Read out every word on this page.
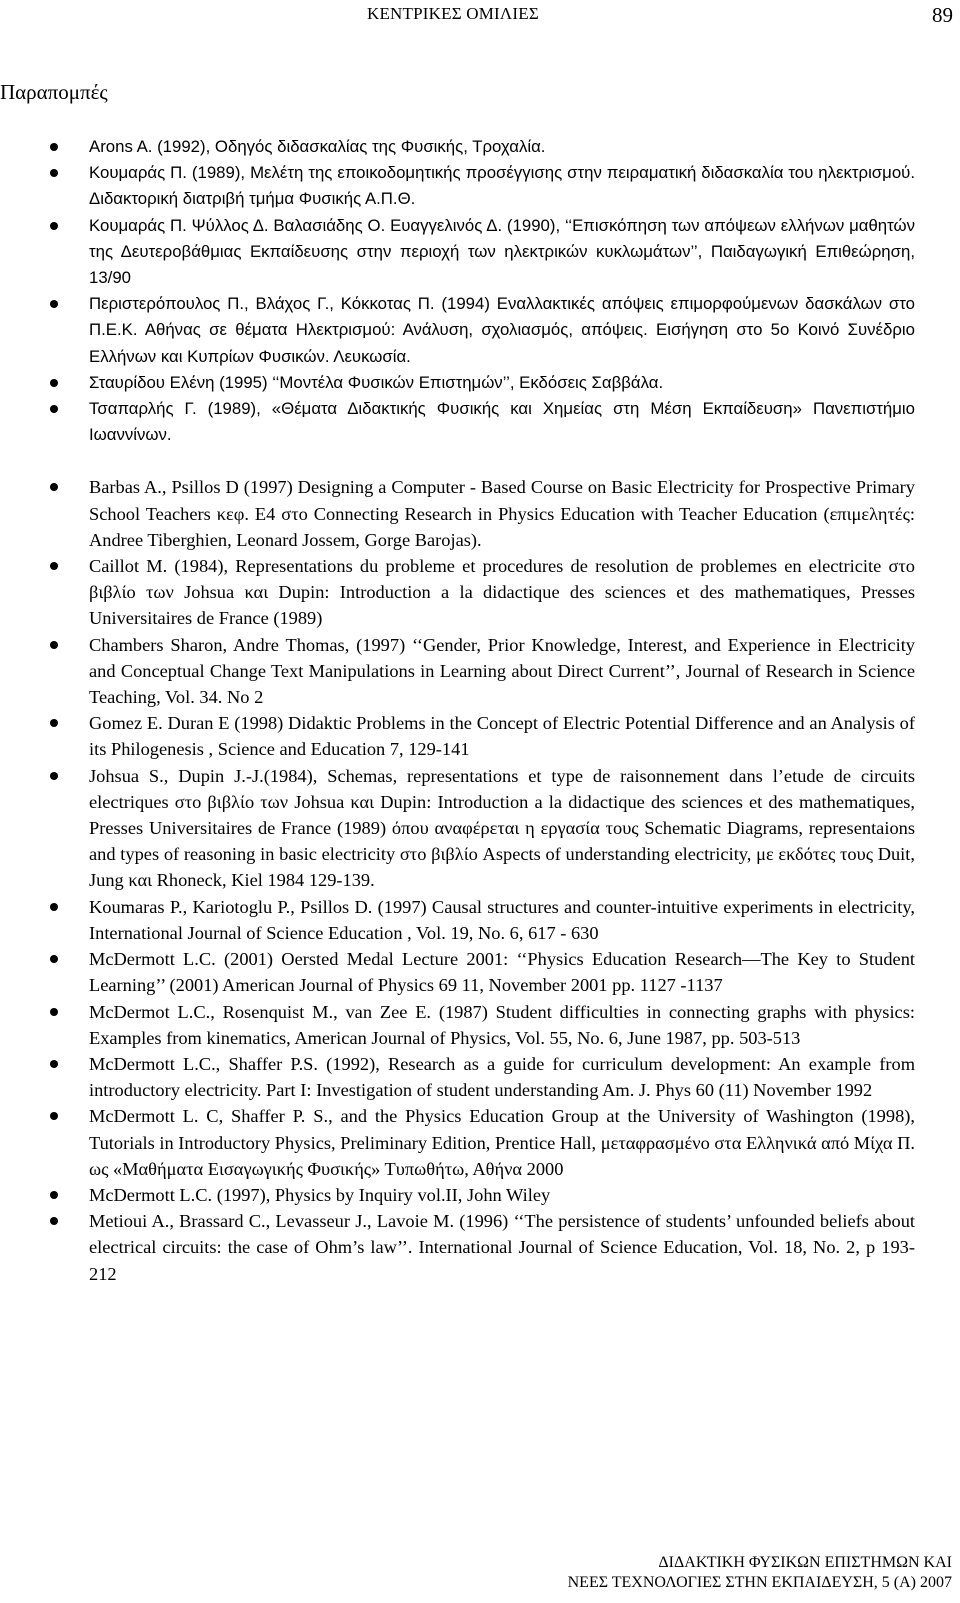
ΚΕΝΤΡΙΚΕΣ ΟΜΙΛΙΕΣ	89
Παραπομπές
Arons A. (1992), Οδηγός διδασκαλίας της Φυσικής, Τροχαλία.
Κουμαράς Π. (1989), Μελέτη της εποικοδομητικής προσέγγισης στην πειραματική διδασκαλία του ηλεκτρισμού. Διδακτορική διατριβή τμήμα Φυσικής Α.Π.Θ.
Κουμαράς Π. Ψύλλος Δ. Βαλασιάδης Ο. Ευαγγελινός Δ. (1990), ‘‘Επισκόπηση των απόψεων ελλήνων μαθητών της Δευτεροβάθμιας Εκπαίδευσης στην περιοχή των ηλεκτρικών κυκλωμάτων’’, Παιδαγωγική Επιθεώρηση, 13/90
Περιστερόπουλος Π., Βλάχος Γ., Κόκκοτας Π. (1994) Εναλλακτικές απόψεις επιμορφούμενων δασκάλων στο Π.Ε.Κ. Αθήνας σε θέματα Ηλεκτρισμού: Ανάλυση, σχολιασμός, απόψεις. Εισήγηση στο 5ο Κοινό Συνέδριο Ελλήνων και Κυπρίων Φυσικών. Λευκωσία.
Σταυρίδου Ελένη (1995) ‘‘Μοντέλα Φυσικών Επιστημών’’, Εκδόσεις Σαββάλα.
Τσαπαρλής Γ. (1989), «Θέματα Διδακτικής Φυσικής και Χημείας στη Μέση Εκπαίδευση» Πανεπιστήμιο Ιωαννίνων.
Barbas A., Psillos D (1997) Designing a Computer - Based Course on Basic Electricity for Prospective Primary School Teachers κεφ. Ε4 στο Connecting Research in Physics Education with Teacher Education (επιμελητές: Andree Tiberghien, Leonard Jossem, Gorge Barojas).
Caillot M. (1984), Representations du probleme et procedures de resolution de problemes en electricite στο βιβλίο των Johsua και Dupin: Introduction a la didactique des sciences et des mathematiques, Presses Universitaires de France (1989)
Chambers Sharon, Andre Thomas, (1997) ‘‘Gender, Prior Knowledge, Interest, and Experience in Electricity and Conceptual Change Text Manipulations in Learning about Direct Current’’, Journal of Research in Science Teaching, Vol. 34. No 2
Gomez E. Duran E (1998) Didaktic Problems in the Concept of Electric Potential Difference and an Analysis of its Philogenesis , Science and Education 7, 129-141
Johsua S., Dupin J.-J.(1984), Schemas, representations et type de raisonnement dans l’etude de circuits electriques στο βιβλίο των Johsua και Dupin: Introduction a la didactique des sciences et des mathematiques, Presses Universitaires de France (1989) όπου αναφέρεται η εργασία τους Schematic Diagrams, representaions and types of reasoning in basic electricity στο βιβλίο Aspects of understanding electricity, με εκδότες τους Duit, Jung και Rhoneck, Kiel 1984 129-139.
Koumaras P., Kariotoglu P., Psillos D. (1997) Causal structures and counter-intuitive experiments in electricity, International Journal of Science Education , Vol. 19, No. 6, 617 - 630
McDermott L.C. (2001) Oersted Medal Lecture 2001: ‘‘Physics Education Research—The Key to Student Learning’’ (2001) American Journal of Physics 69 11, November 2001 pp. 1127 -1137
McDermot L.C., Rosenquist M., van Zee E. (1987) Student difficulties in connecting graphs with physics: Examples from kinematics, American Journal of Physics, Vol. 55, No. 6, June 1987, pp. 503-513
McDermott L.C., Shaffer P.S. (1992), Research as a guide for curriculum development: An example from introductory electricity. Part I: Investigation of student understanding Am. J. Phys 60 (11) November 1992
McDermott L. C, Shaffer P. S., and the Physics Education Group at the University of Washington (1998), Tutorials in Introductory Physics, Preliminary Edition, Prentice Hall, μεταφρασμένο στα Ελληνικά από Μίχα Π. ως «Μαθήματα Εισαγωγικής Φυσικής» Τυπωθήτω, Αθήνα 2000
McDermott L.C. (1997), Physics by Inquiry vol.II, John Wiley
Metioui A., Brassard C., Levasseur J., Lavoie M. (1996) ‘‘The persistence of students’ unfounded beliefs about electrical circuits: the case of Ohm’s law’’. International Journal of Science Education, Vol. 18, No. 2, p 193-212
ΔΙΔΑΚΤΙΚΗ ΦΥΣΙΚΩΝ ΕΠΙΣΤΗΜΩΝ ΚΑΙ
ΝΕΕΣ ΤΕΧΝΟΛΟΓΙΕΣ ΣΤΗΝ ΕΚΠΑΙΔΕΥΣΗ, 5 (Α) 2007
